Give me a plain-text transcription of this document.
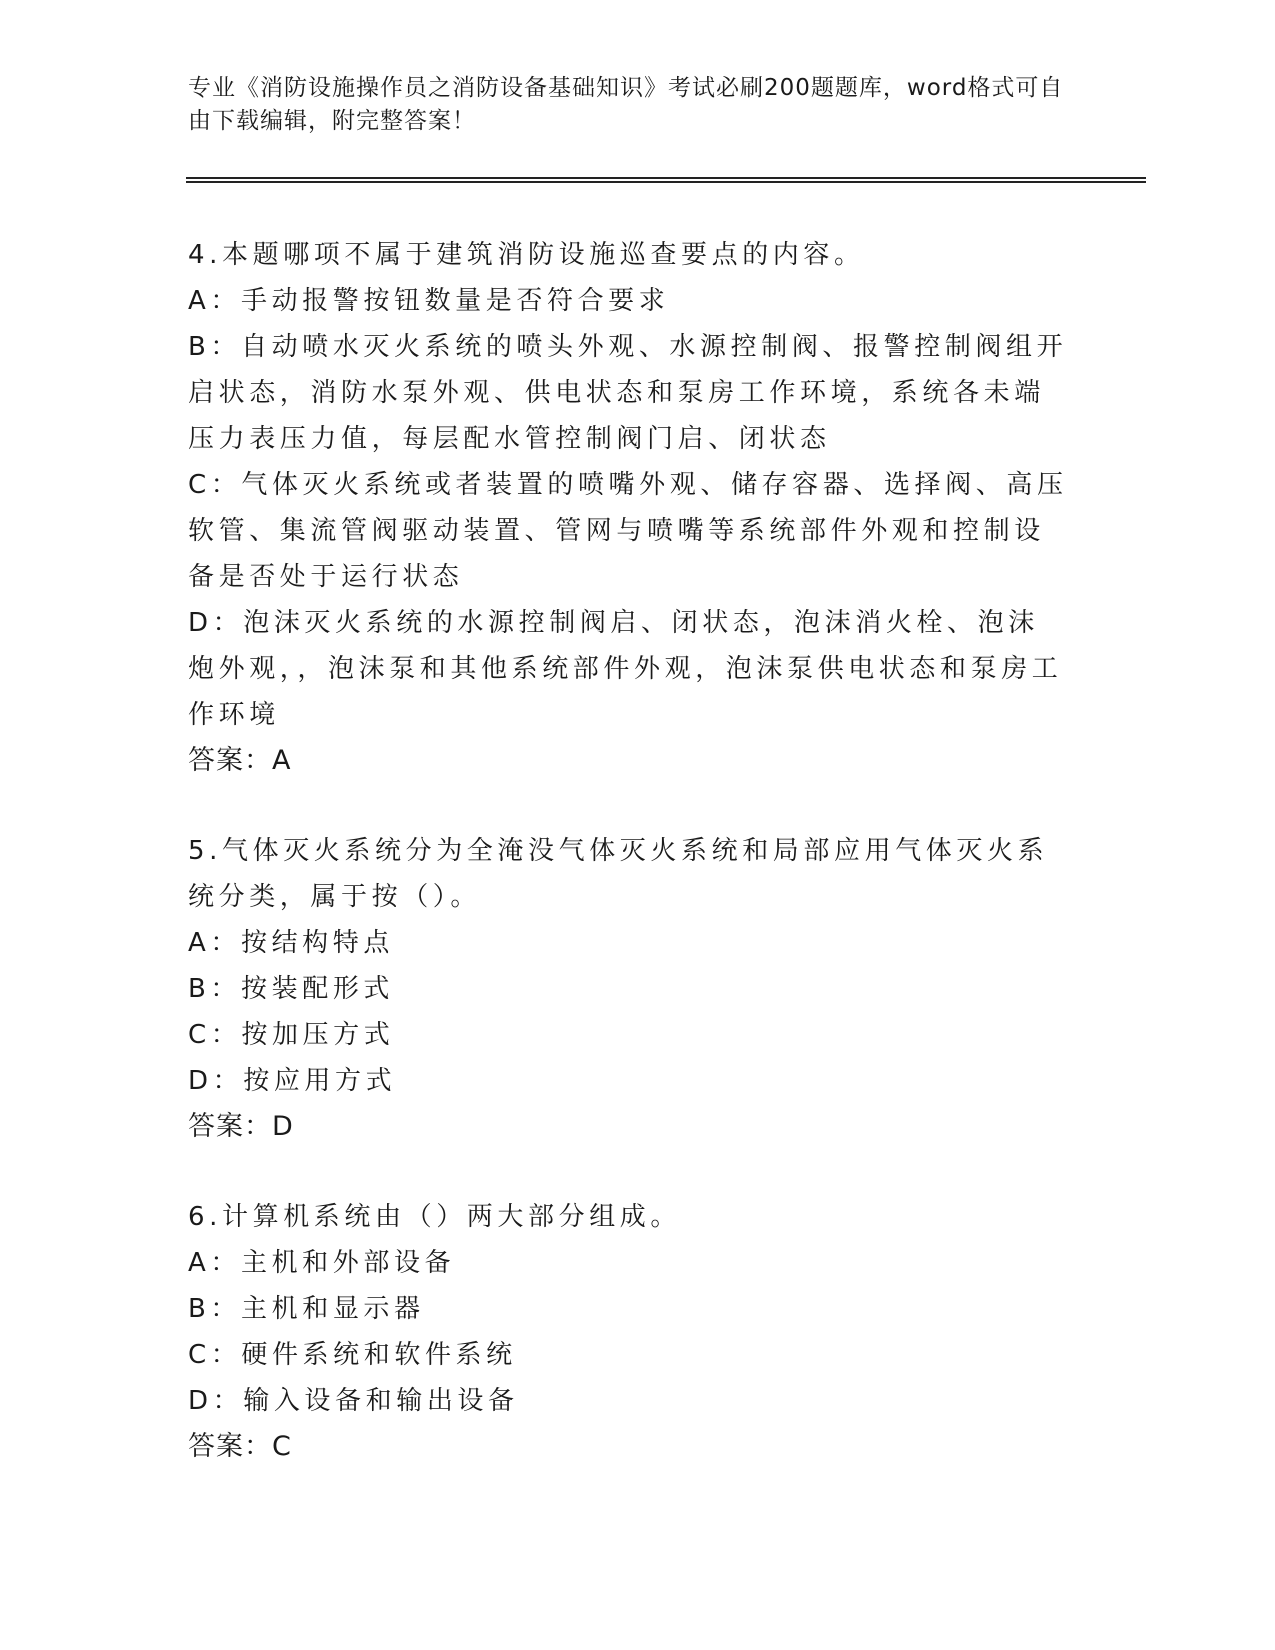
专业《消防设施操作员之消防设备基础知识》考试必刷200题题库，word格式可自由下载编辑，附完整答案！
4.本题哪项不属于建筑消防设施巡查要点的内容。
A：手动报警按钮数量是否符合要求
B：自动喷水灭火系统的喷头外观、水源控制阀、报警控制阀组开启状态，消防水泵外观、供电状态和泵房工作环境，系统各未端压力表压力值，每层配水管控制阀门启、闭状态
C：气体灭火系统或者装置的喷嘴外观、储存容器、选择阀、高压软管、集流管阀驱动装置、管网与喷嘴等系统部件外观和控制设备是否处于运行状态
D：泡沫灭火系统的水源控制阀启、闭状态，泡沫消火栓、泡沫炮外观，，泡沫泵和其他系统部件外观，泡沫泵供电状态和泵房工作环境
答案：A
5.气体灭火系统分为全淹没气体灭火系统和局部应用气体灭火系统分类，属于按（）。
A：按结构特点
B：按装配形式
C：按加压方式
D：按应用方式
答案：D
6.计算机系统由（）两大部分组成。
A：主机和外部设备
B：主机和显示器
C：硬件系统和软件系统
D：输入设备和输出设备
答案：C
